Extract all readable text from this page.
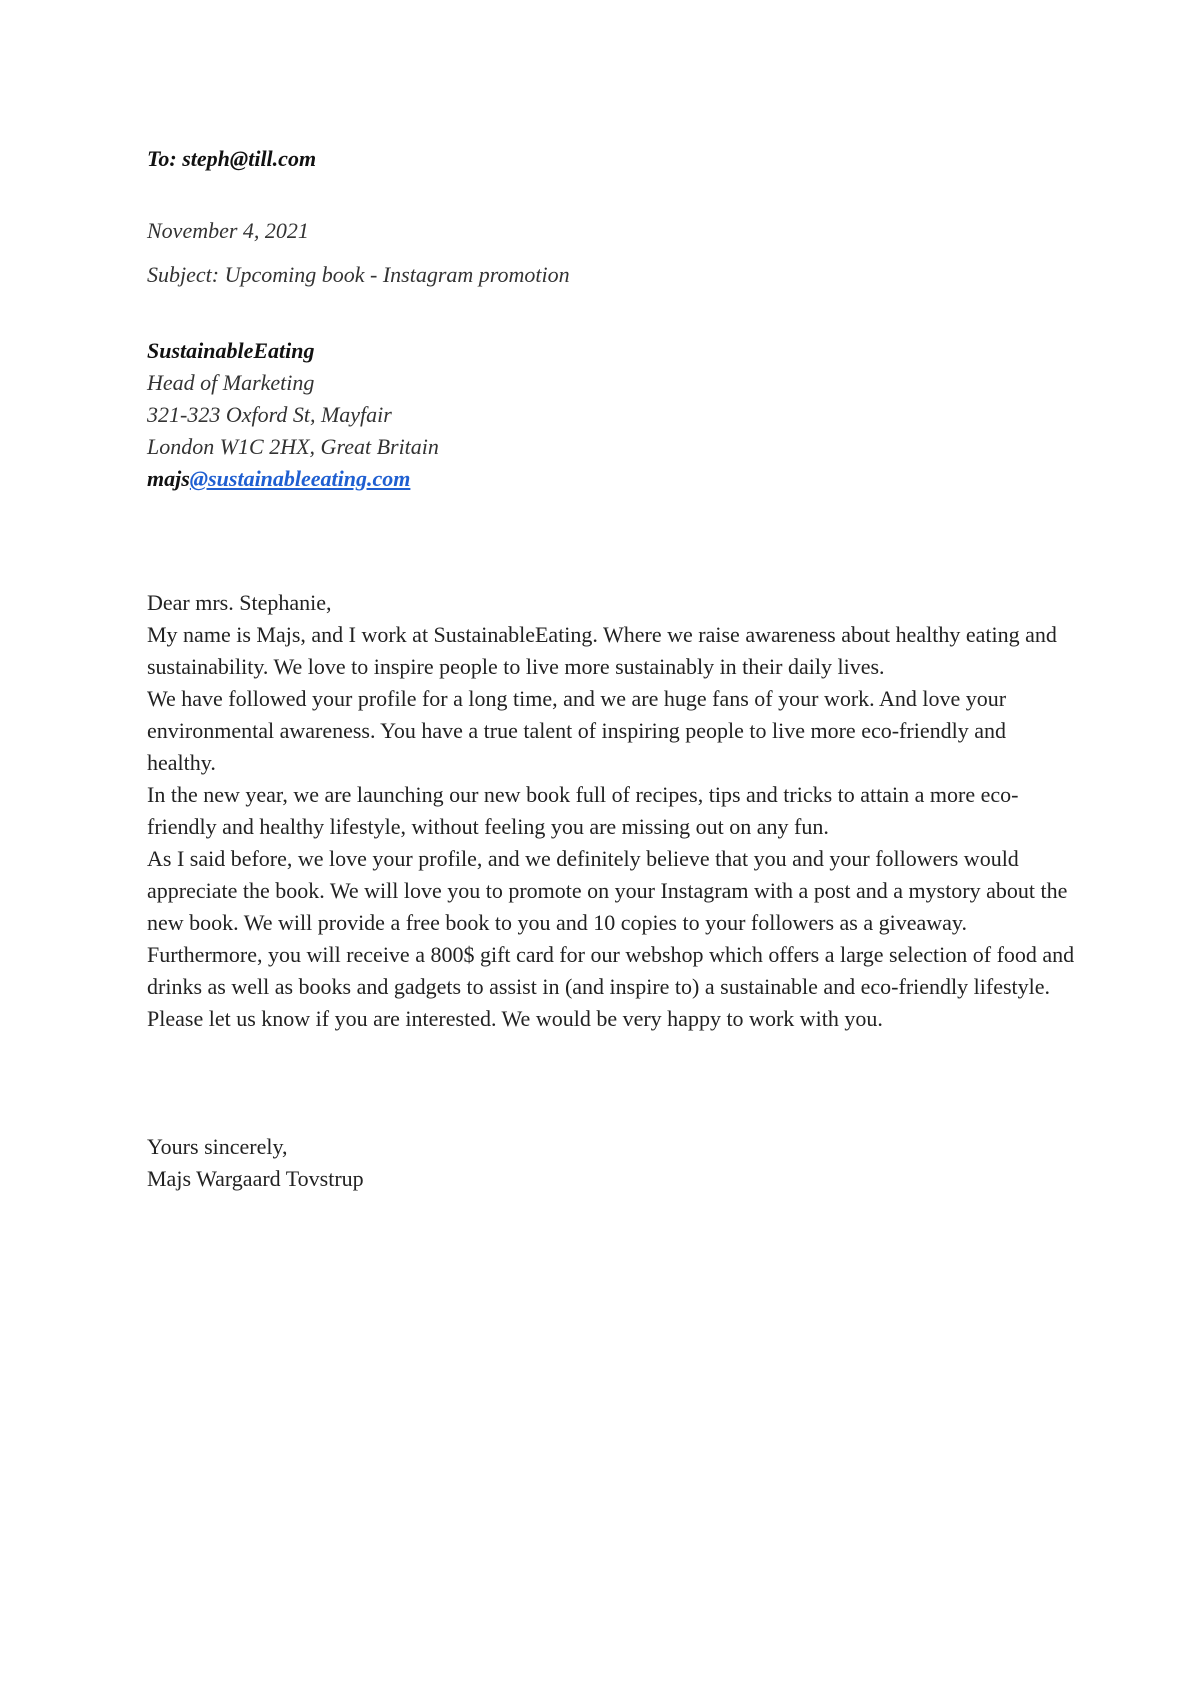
To: steph@till.com
November 4, 2021
Subject: Upcoming book - Instagram promotion
SustainableEating
Head of Marketing
321-323 Oxford St, Mayfair
London W1C 2HX, Great Britain
majs@sustainableeating.com

Dear mrs. Stephanie,

My name is Majs, and I work at SustainableEating. Where we raise awareness about healthy eating and sustainability. We love to inspire people to live more sustainably in their daily lives.

We have followed your profile for a long time, and we are huge fans of your work. And love your environmental awareness. You have a true talent of inspiring people to live more eco-friendly and healthy.

In the new year, we are launching our new book full of recipes, tips and tricks to attain a more eco-friendly and healthy lifestyle, without feeling you are missing out on any fun.

As I said before, we love your profile, and we definitely believe that you and your followers would appreciate the book. We will love you to promote on your Instagram with a post and a mystory about the new book. We will provide a free book to you and 10 copies to your followers as a giveaway. Furthermore, you will receive a 800$ gift card for our webshop which offers a large selection of food and drinks as well as books and gadgets to assist in (and inspire to) a sustainable and eco-friendly lifestyle.

Please let us know if you are interested. We would be very happy to work with you.

Yours sincerely,

Majs Wargaard Tovstrup
